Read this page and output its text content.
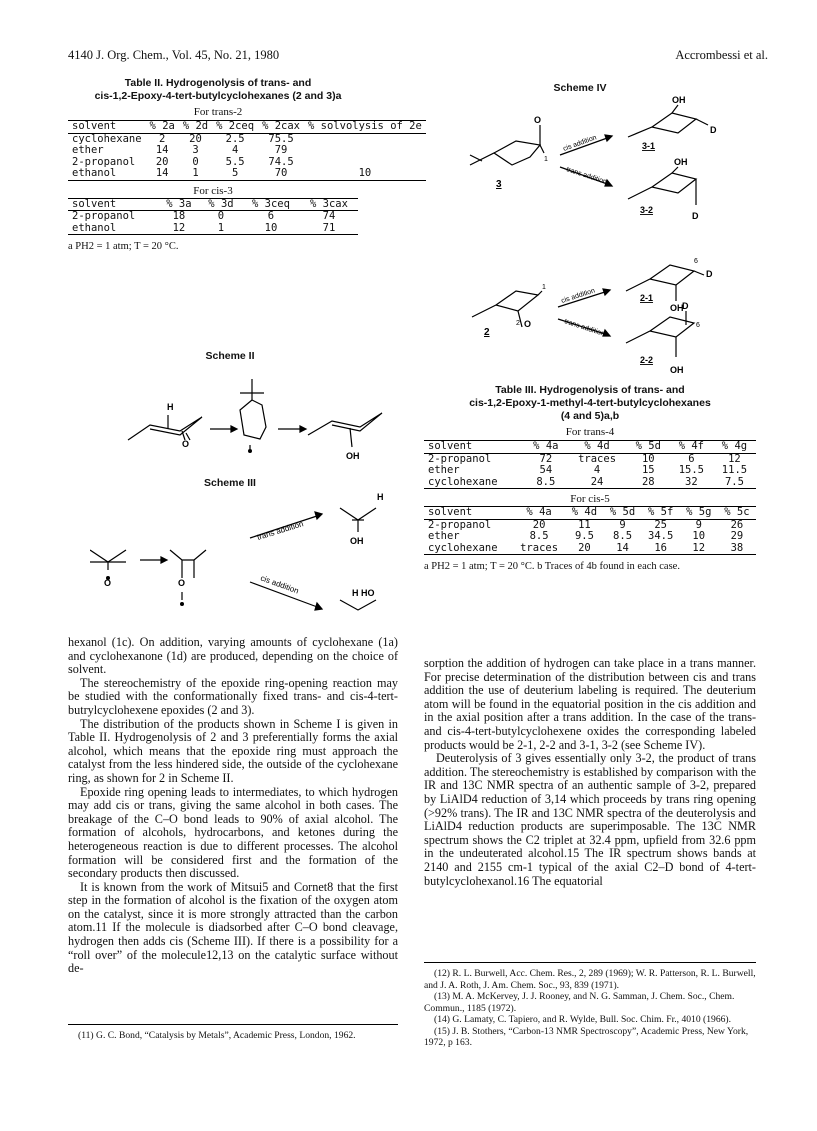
4140 J. Org. Chem., Vol. 45, No. 21, 1980	Accrombessi et al.
Table II. Hydrogenolysis of trans- and
cis-1,2-Epoxy-4-tert-butylcyclohexanes (2 and 3)a
For trans-2
solvent	% 2a	% 2d	% 2ceq	% 2cax	% solvolysis of 2e
cyclohexane	2	20	2.5	75.5	
ether	14	3	4	79	
2-propanol	20	0	5.5	74.5	
ethanol	14	1	5	70	10
For cis-3
solvent	% 3a	% 3d	% 3ceq	% 3cax
2-propanol	18	0	6	74
ethanol	12	1	10	71
a PH2 = 1 atm; T = 20 °C.
Scheme II
H
O
OH
Scheme III
O	O
H
OH
H HO
trans addition
cis addition

hexanol (1c). On addition, varying amounts of cyclohexane (1a) and cyclohexanone (1d) are produced, depending on the choice of solvent.

The stereochemistry of the epoxide ring-opening reaction may be studied with the conformationally fixed trans- and cis-4-tert-butrylcyclohexene epoxides (2 and 3).

The distribution of the products shown in Scheme I is given in Table II. Hydrogenolysis of 2 and 3 preferentially forms the axial alcohol, which means that the epoxide ring must approach the catalyst from the less hindered side, the outside of the cyclohexane ring, as shown for 2 in Scheme II.

Epoxide ring opening leads to intermediates, to which hydrogen may add cis or trans, giving the same alcohol in both cases. The breakage of the C–O bond leads to 90% of axial alcohol. The formation of alcohols, hydrocarbons, and ketones during the heterogeneous reaction is due to different processes. The alcohol formation will be considered first and the formation of the secondary products then discussed.

It is known from the work of Mitsui5 and Cornet8 that the first step in the formation of alcohol is the fixation of the oxygen atom on the catalyst, since it is more strongly attracted than the carbon atom.11 If the molecule is diadsorbed after C–O bond cleavage, hydrogen then adds cis (Scheme III). If there is a possibility for a “roll over” of the molecule12,13 on the catalytic surface without de-

(11) G. C. Bond, “Catalysis by Metals”, Academic Press, London, 1962.

Scheme IV
O
1
3
OH
D
3-1
OH
3-2
D
O
2
1
2
6
D
2-1
OH
D
6
2-2
OH
cis addition
trans addition
cis addition
trans addition
Table III. Hydrogenolysis of trans- and
cis-1,2-Epoxy-1-methyl-4-tert-butylcyclohexanes
(4 and 5)a,b
For trans-4
solvent	% 4a	% 4d	% 5d	% 4f	% 4g
2-propanol	72	traces	10	6	12
ether	54	4	15	15.5	11.5
cyclohexane	8.5	24	28	32	7.5
For cis-5
solvent	% 4a	% 4d	% 5d	% 5f	% 5g	% 5c
2-propanol	20	11	9	25	9	26
ether	8.5	9.5	8.5	34.5	10	29
cyclohexane	traces	20	14	16	12	38
a PH2 = 1 atm; T = 20 °C. b Traces of 4b found in each case.

sorption the addition of hydrogen can take place in a trans manner. For precise determination of the distribution between cis and trans addition the use of deuterium labeling is required. The deuterium atom will be found in the equatorial position in the cis addition and in the axial position after a trans addition. In the case of the trans- and cis-4-tert-butylcyclohexene oxides the corresponding labeled products would be 2-1, 2-2 and 3-1, 3-2 (see Scheme IV).

Deuterolysis of 3 gives essentially only 3-2, the product of trans addition. The stereochemistry is established by comparison with the IR and 13C NMR spectra of an authentic sample of 3-2, prepared by LiAlD4 reduction of 3,14 which proceeds by trans ring opening (>92% trans). The IR and 13C NMR spectra of the deuterolysis and LiAlD4 reduction products are superimposable. The 13C NMR spectrum shows the C2 triplet at 32.4 ppm, upfield from 32.6 ppm in the undeuterated alcohol.15 The IR spectrum shows bands at 2140 and 2155 cm-1 typical of the axial C2–D bond of 4-tert-butylcyclohexanol.16 The equatorial

(12) R. L. Burwell, Acc. Chem. Res., 2, 289 (1969); W. R. Patterson, R. L. Burwell, and J. A. Roth, J. Am. Chem. Soc., 93, 839 (1971).

(13) M. A. McKervey, J. J. Rooney, and N. G. Samman, J. Chem. Soc., Chem. Commun., 1185 (1972).

(14) G. Lamaty, C. Tapiero, and R. Wylde, Bull. Soc. Chim. Fr., 4010 (1966).

(15) J. B. Stothers, “Carbon-13 NMR Spectroscopy”, Academic Press, New York, 1972, p 163.
